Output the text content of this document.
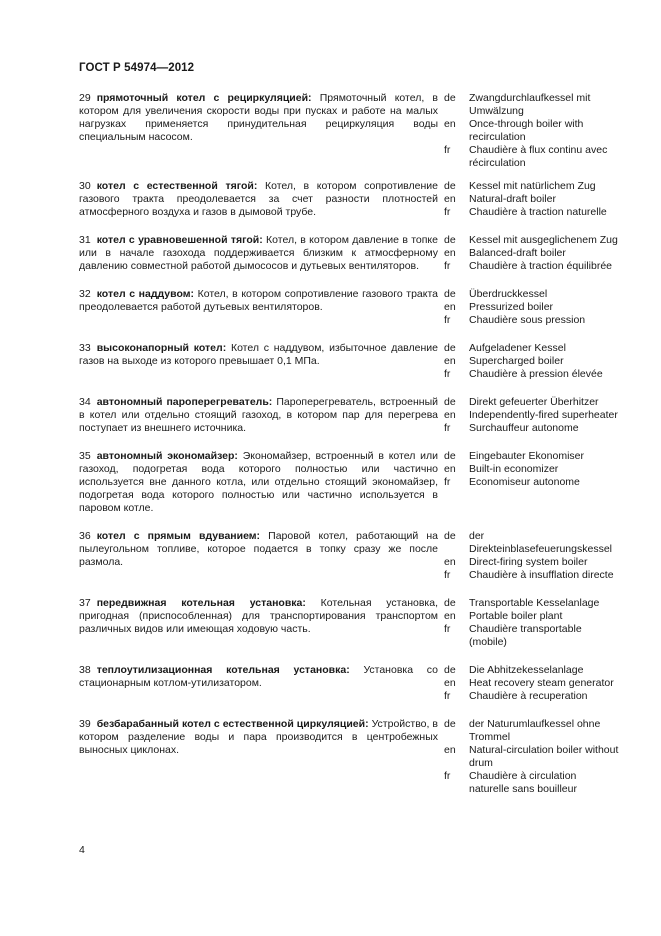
ГОСТ Р 54974—2012
29 прямоточный котел с рециркуляцией: Прямоточный котел, в котором для увеличения скорости воды при пусках и работе на малых нагрузках применяется принудительная рециркуляция воды специальным насосом.
de	Zwangdurchlaufkessel mit Umwälzung
en	Once-through boiler with recirculation
fr	Chaudière à flux continu avec récirculation
30 котел с естественной тягой: Котел, в котором сопротивление газового тракта преодолевается за счет разности плотностей атмосферного воздуха и газов в дымовой трубе.
de	Kessel mit natürlichem Zug
en	Natural-draft boiler
fr	Chaudière à traction naturelle
31 котел с уравновешенной тягой: Котел, в котором давление в топке или в начале газохода поддерживается близким к атмосферному давлению совместной работой дымососов и дутьевых вентиляторов.
de	Kessel mit ausgeglichenem Zug
en	Balanced-draft boiler
fr	Chaudière à traction équilibrée
32 котел с наддувом: Котел, в котором сопротивление газового тракта преодолевается работой дутьевых вентиляторов.
de	Überdruckkessel
en	Pressurized boiler
fr	Chaudière sous pression
33 высоконапорный котел: Котел с наддувом, избыточное давление газов на выходе из которого превышает 0,1 МПа.
de	Aufgeladener Kessel
en	Supercharged boiler
fr	Chaudière à pression élevée
34 автономный пароперегреватель: Пароперегреватель, встроенный в котел или отдельно стоящий газоход, в котором пар для перегрева поступает из внешнего источника.
de	Direkt gefeuerter Überhitzer
en	Independently-fired superheater
fr	Surchauffeur autonome
35 автономный экономайзер: Экономайзер, встроенный в котел или газоход, подогретая вода которого полностью или частично используется вне данного котла, или отдельно стоящий экономайзер, подогретая вода которого полностью или частично используется в паровом котле.
de	Eingebauter Ekonomiser
en	Built-in economizer
fr	Economiseur autonome
36 котел с прямым вдуванием: Паровой котел, работающий на пылеугольном топливе, которое подается в топку сразу же после размола.
de	der Direkteinblasefeuerungskessel
en	Direct-firing system boiler
fr	Chaudière à insufflation directe
37 передвижная котельная установка: Котельная установка, пригодная (приспособленная) для транспортирования транспортом различных видов или имеющая ходовую часть.
de	Transportable Kesselanlage
en	Portable boiler plant
fr	Chaudière transportable (mobile)
38 теплоутилизационная котельная установка: Установка со стационарным котлом-утилизатором.
de	Die Abhitzekesselanlage
en	Heat recovery steam generator
fr	Chaudière à recuperation
39 безбарабанный котел с естественной циркуляцией: Устройство, в котором разделение воды и пара производится в центробежных выносных циклонах.
de	der Naturumlaufkessel ohne Trommel
en	Natural-circulation boiler without drum
fr	Chaudière à circulation naturelle sans bouilleur
4
